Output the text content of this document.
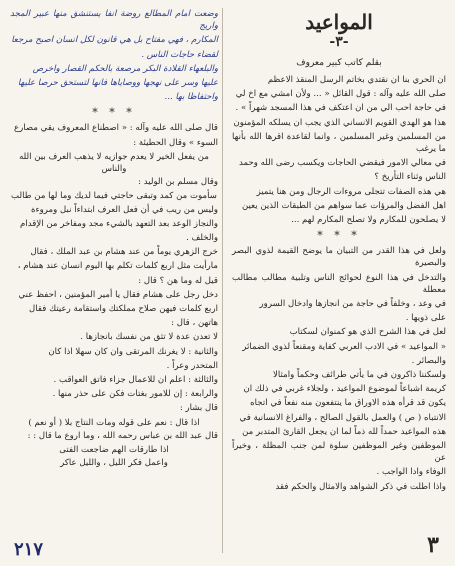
وضعت امام المطالع روضة انفا يستنشق منها عبير المجد واريج

المكارم ، فهي مفتاح بل هي قانون لكل انسان اصبح مرجعا

لقضاء حاجات الناس .

والبلعهاء القلادة البكر مرصعة بالحكم القصار واخرص

عليها وسر على نهجها ووصاياها فانها لتستحق حرصا عليها

واحتفاظا بها ...

* * *

قال صلى الله عليه وآله : « اصطناع المعروف يقي مصارع

السوء » وقال الحطيئة :

من يفعل الخير لا يعدم جوازيه لا يذهب العرف بين الله والناس

وقال مسلم بن الوليد :

سأموت من كمد وتبقى حاجتي فيما لديك وما لها من طالب

وليس من ريب في أن فعل العرف ابتداءاً نبل ومروءة

والنجاز الوعد بعد التعهد بالشيء مجد ومفاخر من الإقدام

والخلف .

خرج الزهري يوماً من عند هشام بن عبد الملك ، فقال

مارأيت مثل اربع كلمات تكلم بها اليوم انسان عند هشام ،

قيل له وما هن ؟ قال :

دخل رجل على هشام فقال يا أمير المؤمنين ، احفظ عني

اربع كلمات فيهن صلاح مملكتك واستقامة رعيتك فقال

هاتهن ، قال :

لا تعدن عدة لا تثق من نفسك بانجازها .

والثانية : لا يغرنك المرتقى وان كان سهلا اذا كان

المتحدر وعراً .

والثالثة : اعلم ان للاعمال جزاء فاتق العواقب .

والرابعة : إن للامور بغتات فكن على حذر منها .

قال بشار :

اذا قال : نعم على قوله ومات النتاج بلا ( أو نعم )

قال عبد الله بن عباس رحمه الله ، وما اروع ما قال : :

اذا طارقات الهم ضاجعت الفتى

واعمل فكر الليل ، والليل عاكر

المواعيد
-٣-
بقلم كاتب كبير معروف

ان الحري بنا ان نقتدي بخاتم الرسل المنقذ الاعظم

صلى الله عليه وآله : قول القائل « ... ولأن امشي مع اخ لي

في حاجة احب الي من ان اعتكف في هذا المسجد شهراً » .

هذا هو الهدي القويم الانساني الذي يجب ان يسلكه المؤمنون

من المسلمين وغير المسلمين ، وانما لقاعدة اقرها الله بأنها ما يرغب

في معالي الامور فيقضي الحاجات ويكسب رضى الله وحمد

الناس وثناء التأريخ ؟

هي هذه الصفات تتجلى مروءات الرجال ومن هنا يتميز

اهل الفضل والمرؤات عما سواهم من الطبقات الذين يعين

لا يصلحون للمكارم ولا تصلح المكارم لهم ...

* * *

ولعل في هذا القدر من التبيان ما يوضح القيمة لذوي البصر والبصيرة

والتدخل في هذا النوع لحوائج الناس وتلبية مطالب مطالب معطلة

في وعد ، وخلفاً في حاجة من انجازها وادخال السرور

على ذويها .

لعل في هذا الشرح الذي هو كمنوان لسكتاب

« المواعيد » في الادب العربي كفاية ومقنعاً لذوي الضمائر

والبصائر .

ولسكننا ذاكرون في ما يأتي طرائف وحكماً وامثالا

كريمة اشباعاً لموضوع المواعيد ، ولجلاء غربي في ذلك ان

يكون قد قرأه هذه الاوراق ما ينتفعون منه نفعاً في اتجاه

الانتباه ( ص ) والعمل بالقول الصالح ، والفراغ الانسانية في

هذه المواعيد حمداً لله ذماً لما ان يجعل القارئ المتدبر من

الموظفين وغير الموظفين سلوة لمن جنب المظلة ، وخيراً عن

الوفاء وادا الواجب .

واذا اطلت في ذكر الشواهد والامثال والحكم فقد

٢١٧	٣
